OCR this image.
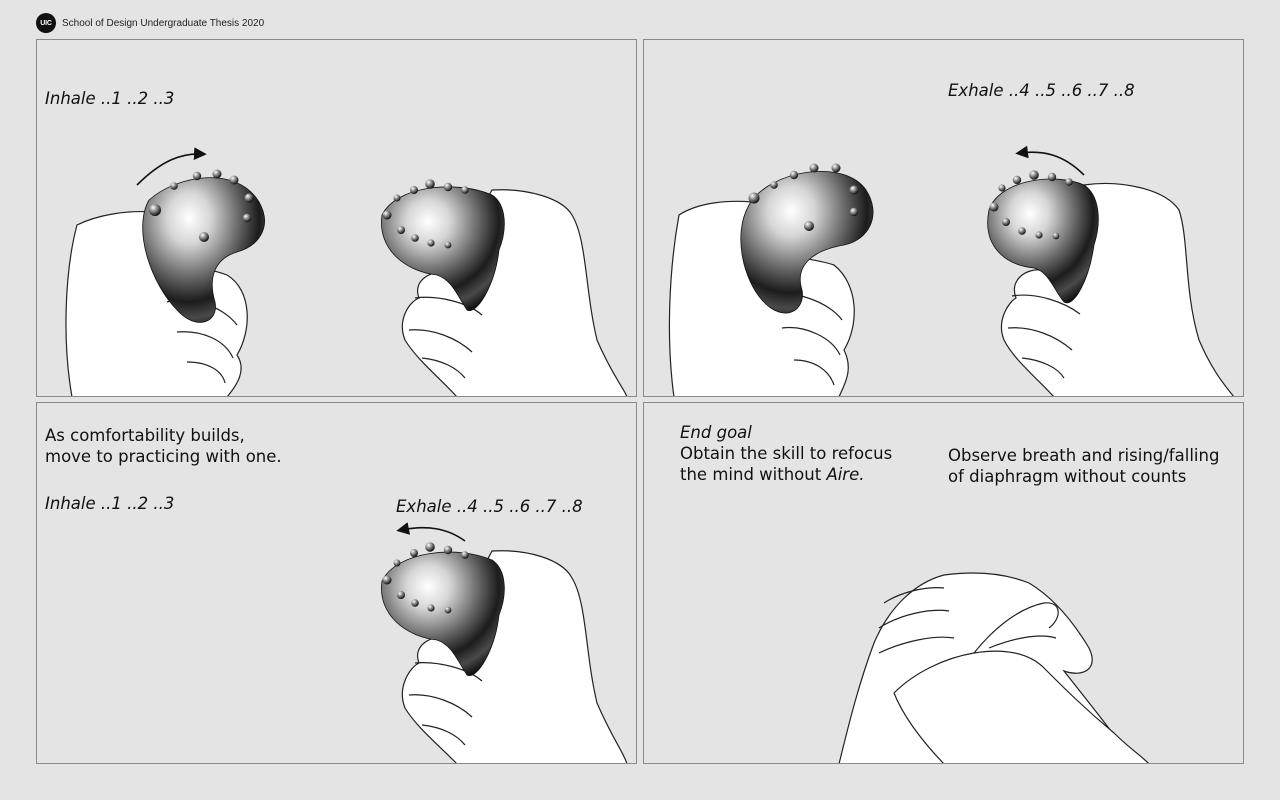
UIC	School of Design Undergraduate Thesis 2020
Inhale ..1 ..2 ..3	Exhale ..4 ..5 ..6 ..7 ..8
As comfortability builds,
move to practicing with one.
Inhale ..1 ..2 ..3	Exhale ..4 ..5 ..6 ..7 ..8
End goal
Obtain the skill to refocus
the mind without Aire.
Observe breath and rising/falling
of diaphragm without counts
